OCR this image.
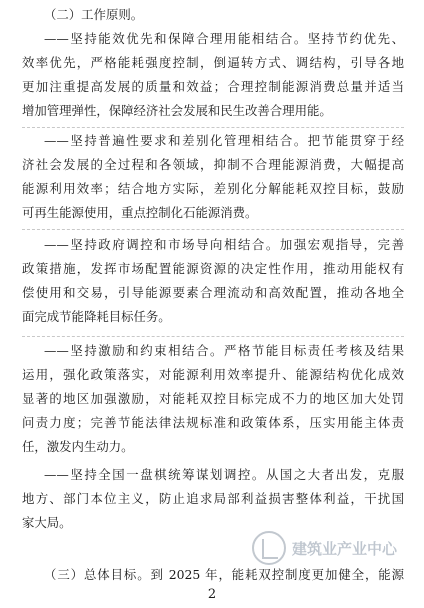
（二）工作原则。
——坚持能效优先和保障合理用能相结合。坚持节约优先、
效率优先，严格能耗强度控制，倒逼转方式、调结构，引导各地
更加注重提高发展的质量和效益；合理控制能源消费总量并适当
增加管理弹性，保障经济社会发展和民生改善合理用能。
——坚持普遍性要求和差别化管理相结合。把节能贯穿于经
济社会发展的全过程和各领域，抑制不合理能源消费，大幅提高
能源利用效率；结合地方实际，差别化分解能耗双控目标，鼓励
可再生能源使用，重点控制化石能源消费。
——坚持政府调控和市场导向相结合。加强宏观指导，完善
政策措施，发挥市场配置能源资源的决定性作用，推动用能权有
偿使用和交易，引导能源要素合理流动和高效配置，推动各地全
面完成节能降耗目标任务。
——坚持激励和约束相结合。严格节能目标责任考核及结果
运用，强化政策落实，对能源利用效率提升、能源结构优化成效
显著的地区加强激励，对能耗双控目标完成不力的地区加大处罚
问责力度；完善节能法律法规标准和政策体系，压实用能主体责
任，激发内生动力。
——坚持全国一盘棋统筹谋划调控。从国之大者出发，克服
地方、部门本位主义，防止追求局部利益损害整体利益，干扰国
家大局。
（三）总体目标。到 2025 年，能耗双控制度更加健全，能源
2
建筑业产业中心
